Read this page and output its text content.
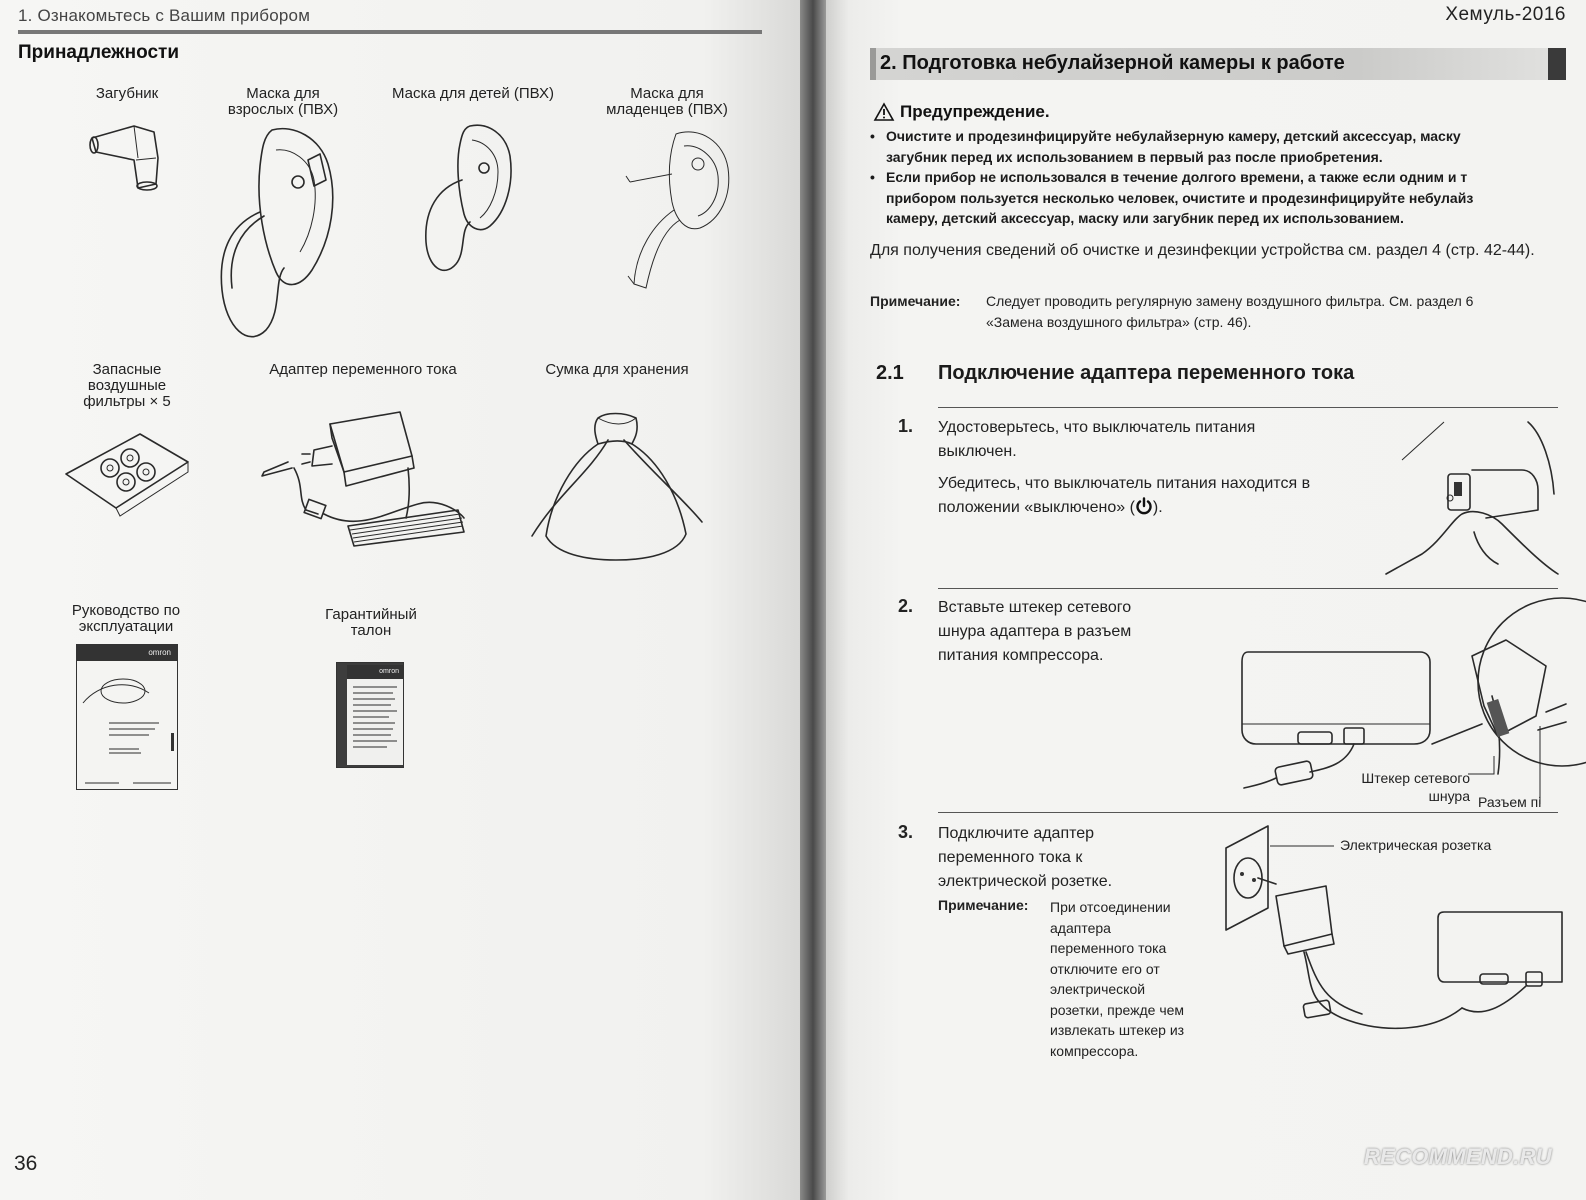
1. Ознакомьтесь с Вашим прибором
Принадлежности
Загубник	Маска для взрослых (ПВХ)
Маска для детей (ПВХ)	Маска для младенцев (ПВХ)
Запасные воздушные фильтры × 5
Адаптер переменного тока	Сумка для хранения
Руководство по эксплуатации
Гарантийный талон
omron
omron
36
Хемуль-2016
2. Подготовка небулайзерной камеры к работе
Предупреждение.
• Очистите и продезинфицируйте небулайзерную камеру, детский аксессуар, маску
загубник перед их использованием в первый раз после приобретения.
• Если прибор не использовался в течение долгого времени, а также если одним и т
прибором пользуется несколько человек, очистите и продезинфицируйте небулайз
камеру, детский аксессуар, маску или загубник перед их использованием.
Для получения сведений об очистке и дезинфекции устройства см. раздел 4 (стр. 42-44).
Примечание: Следует проводить регулярную замену воздушного фильтра. См. раздел 6
«Замена воздушного фильтра» (стр. 46).
2.1 Подключение адаптера переменного тока
1. Удостоверьтесь, что выключатель питания
выключен.
Убедитесь, что выключатель питания находится в
положении «выключено» ( ).
2. Вставьте штекер сетевого
шнура адаптера в разъем
питания компрессора.
Штекер сетевого
шнура Разъем пі
3. Подключите адаптер
переменного тока к
электрической розетке.
Примечание: При отсоединении
адаптера
переменного тока
отключите его от
электрической
розетки, прежде чем
извлекать штекер из
компрессора.
Электрическая розетка
RECOMMEND.RU
